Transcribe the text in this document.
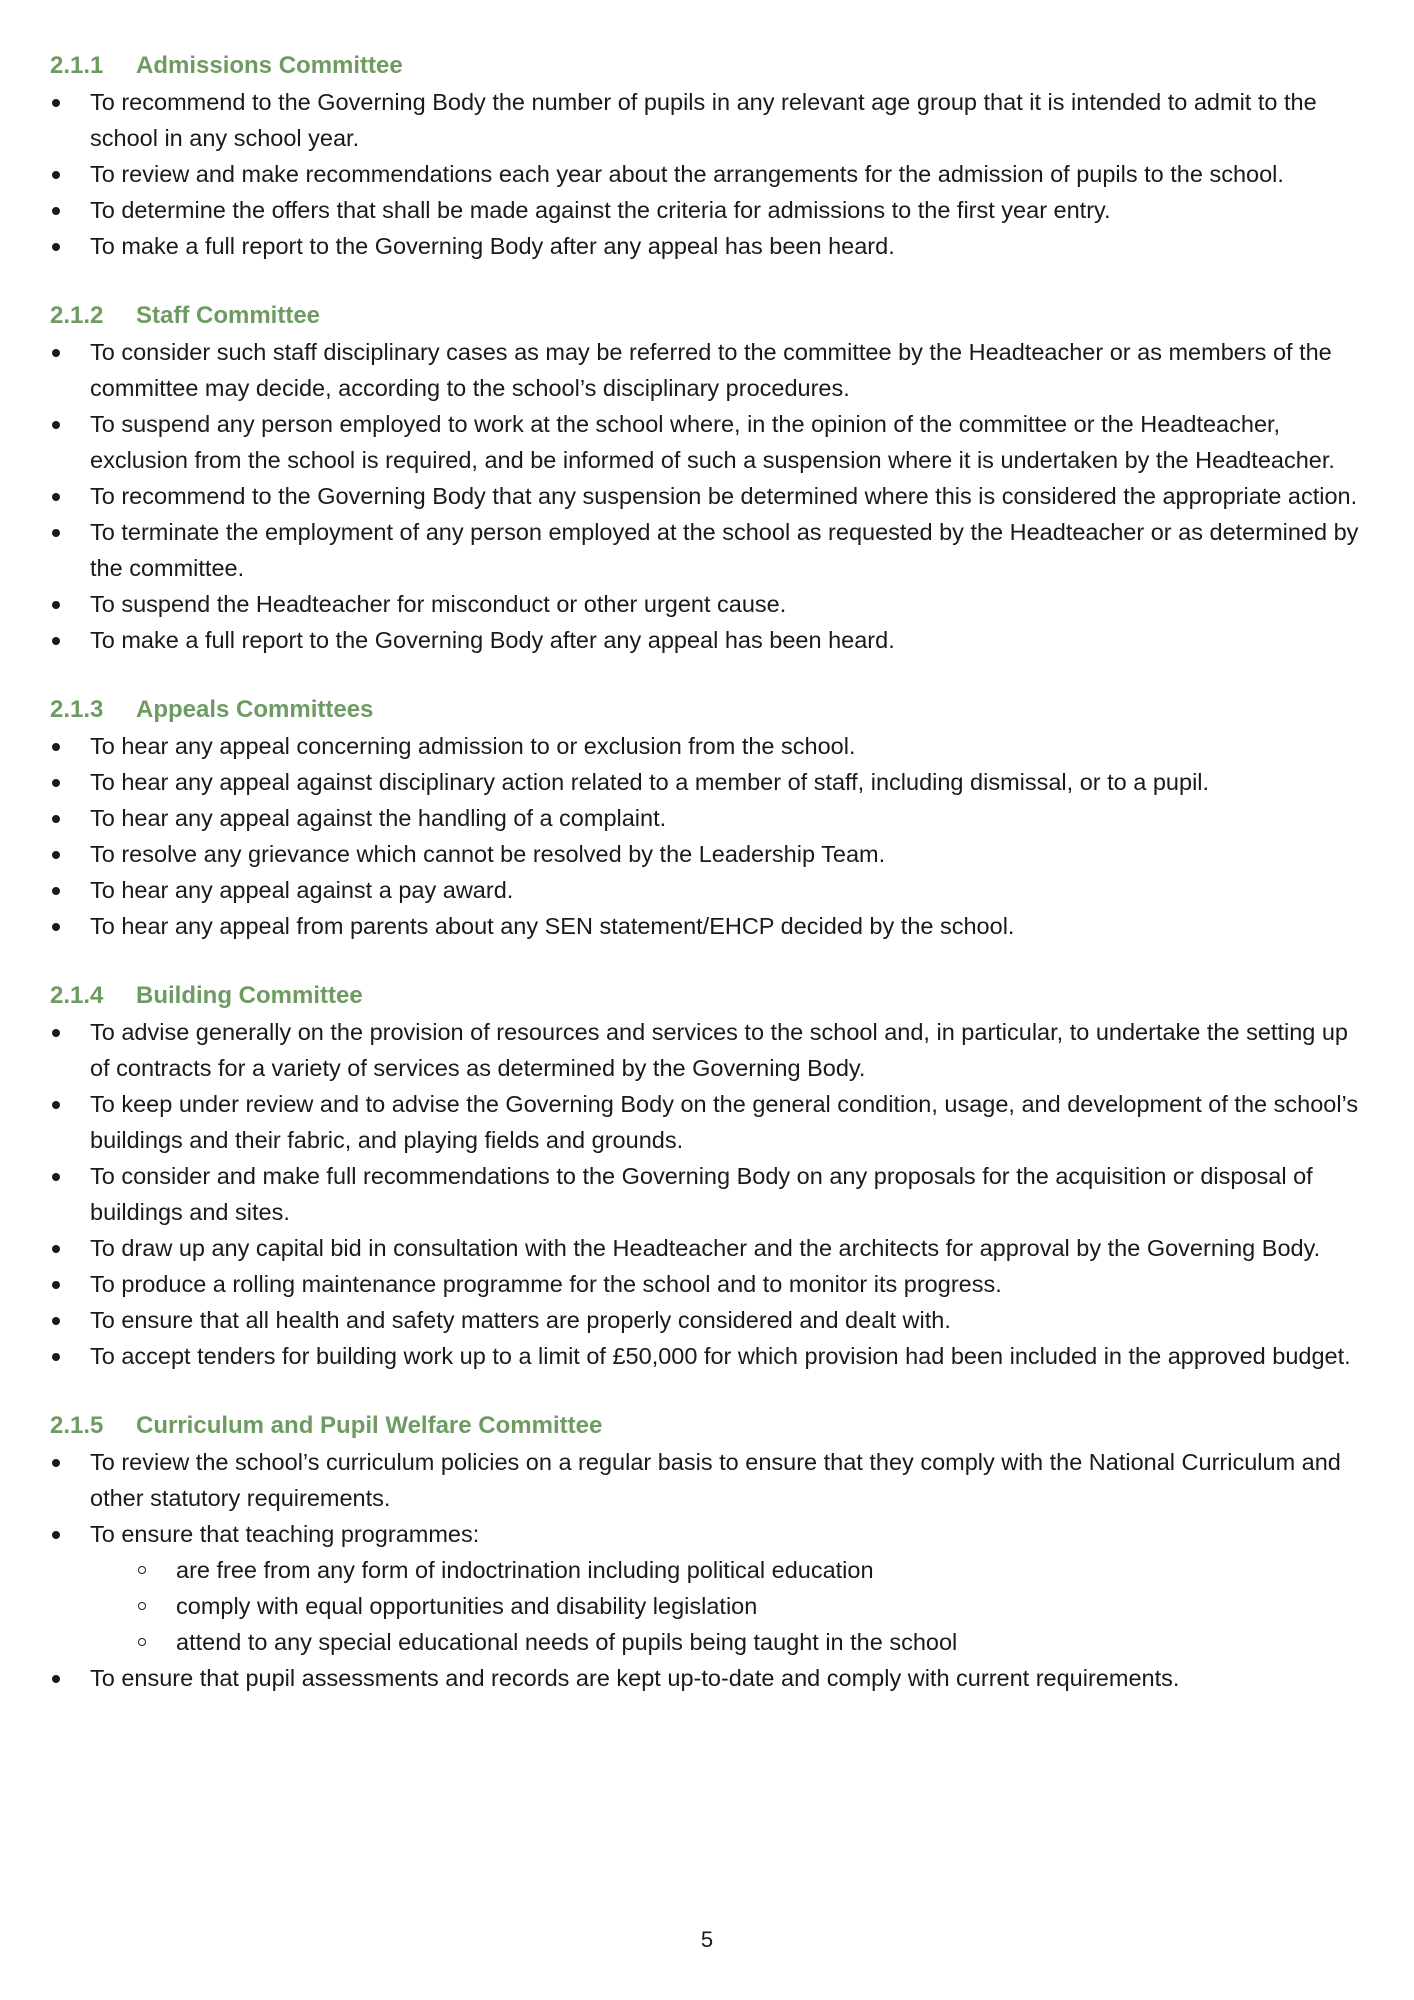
2.1.1	Admissions Committee
To recommend to the Governing Body the number of pupils in any relevant age group that it is intended to admit to the school in any school year.
To review and make recommendations each year about the arrangements for the admission of pupils to the school.
To determine the offers that shall be made against the criteria for admissions to the first year entry.
To make a full report to the Governing Body after any appeal has been heard.
2.1.2	Staff Committee
To consider such staff disciplinary cases as may be referred to the committee by the Headteacher or as members of the committee may decide, according to the school’s disciplinary procedures.
To suspend any person employed to work at the school where, in the opinion of the committee or the Headteacher, exclusion from the school is required, and be informed of such a suspension where it is undertaken by the Headteacher.
To recommend to the Governing Body that any suspension be determined where this is considered the appropriate action.
To terminate the employment of any person employed at the school as requested by the Headteacher or as determined by the committee.
To suspend the Headteacher for misconduct or other urgent cause.
To make a full report to the Governing Body after any appeal has been heard.
2.1.3	Appeals Committees
To hear any appeal concerning admission to or exclusion from the school.
To hear any appeal against disciplinary action related to a member of staff, including dismissal, or to a pupil.
To hear any appeal against the handling of a complaint.
To resolve any grievance which cannot be resolved by the Leadership Team.
To hear any appeal against a pay award.
To hear any appeal from parents about any SEN statement/EHCP decided by the school.
2.1.4	Building Committee
To advise generally on the provision of resources and services to the school and, in particular, to undertake the setting up of contracts for a variety of services as determined by the Governing Body.
To keep under review and to advise the Governing Body on the general condition, usage, and development of the school’s buildings and their fabric, and playing fields and grounds.
To consider and make full recommendations to the Governing Body on any proposals for the acquisition or disposal of buildings and sites.
To draw up any capital bid in consultation with the Headteacher and the architects for approval by the Governing Body.
To produce a rolling maintenance programme for the school and to monitor its progress.
To ensure that all health and safety matters are properly considered and dealt with.
To accept tenders for building work up to a limit of £50,000 for which provision had been included in the approved budget.
2.1.5	Curriculum and Pupil Welfare Committee
To review the school’s curriculum policies on a regular basis to ensure that they comply with the National Curriculum and other statutory requirements.
To ensure that teaching programmes:
are free from any form of indoctrination including political education
comply with equal opportunities and disability legislation
attend to any special educational needs of pupils being taught in the school
To ensure that pupil assessments and records are kept up-to-date and comply with current requirements.
5
